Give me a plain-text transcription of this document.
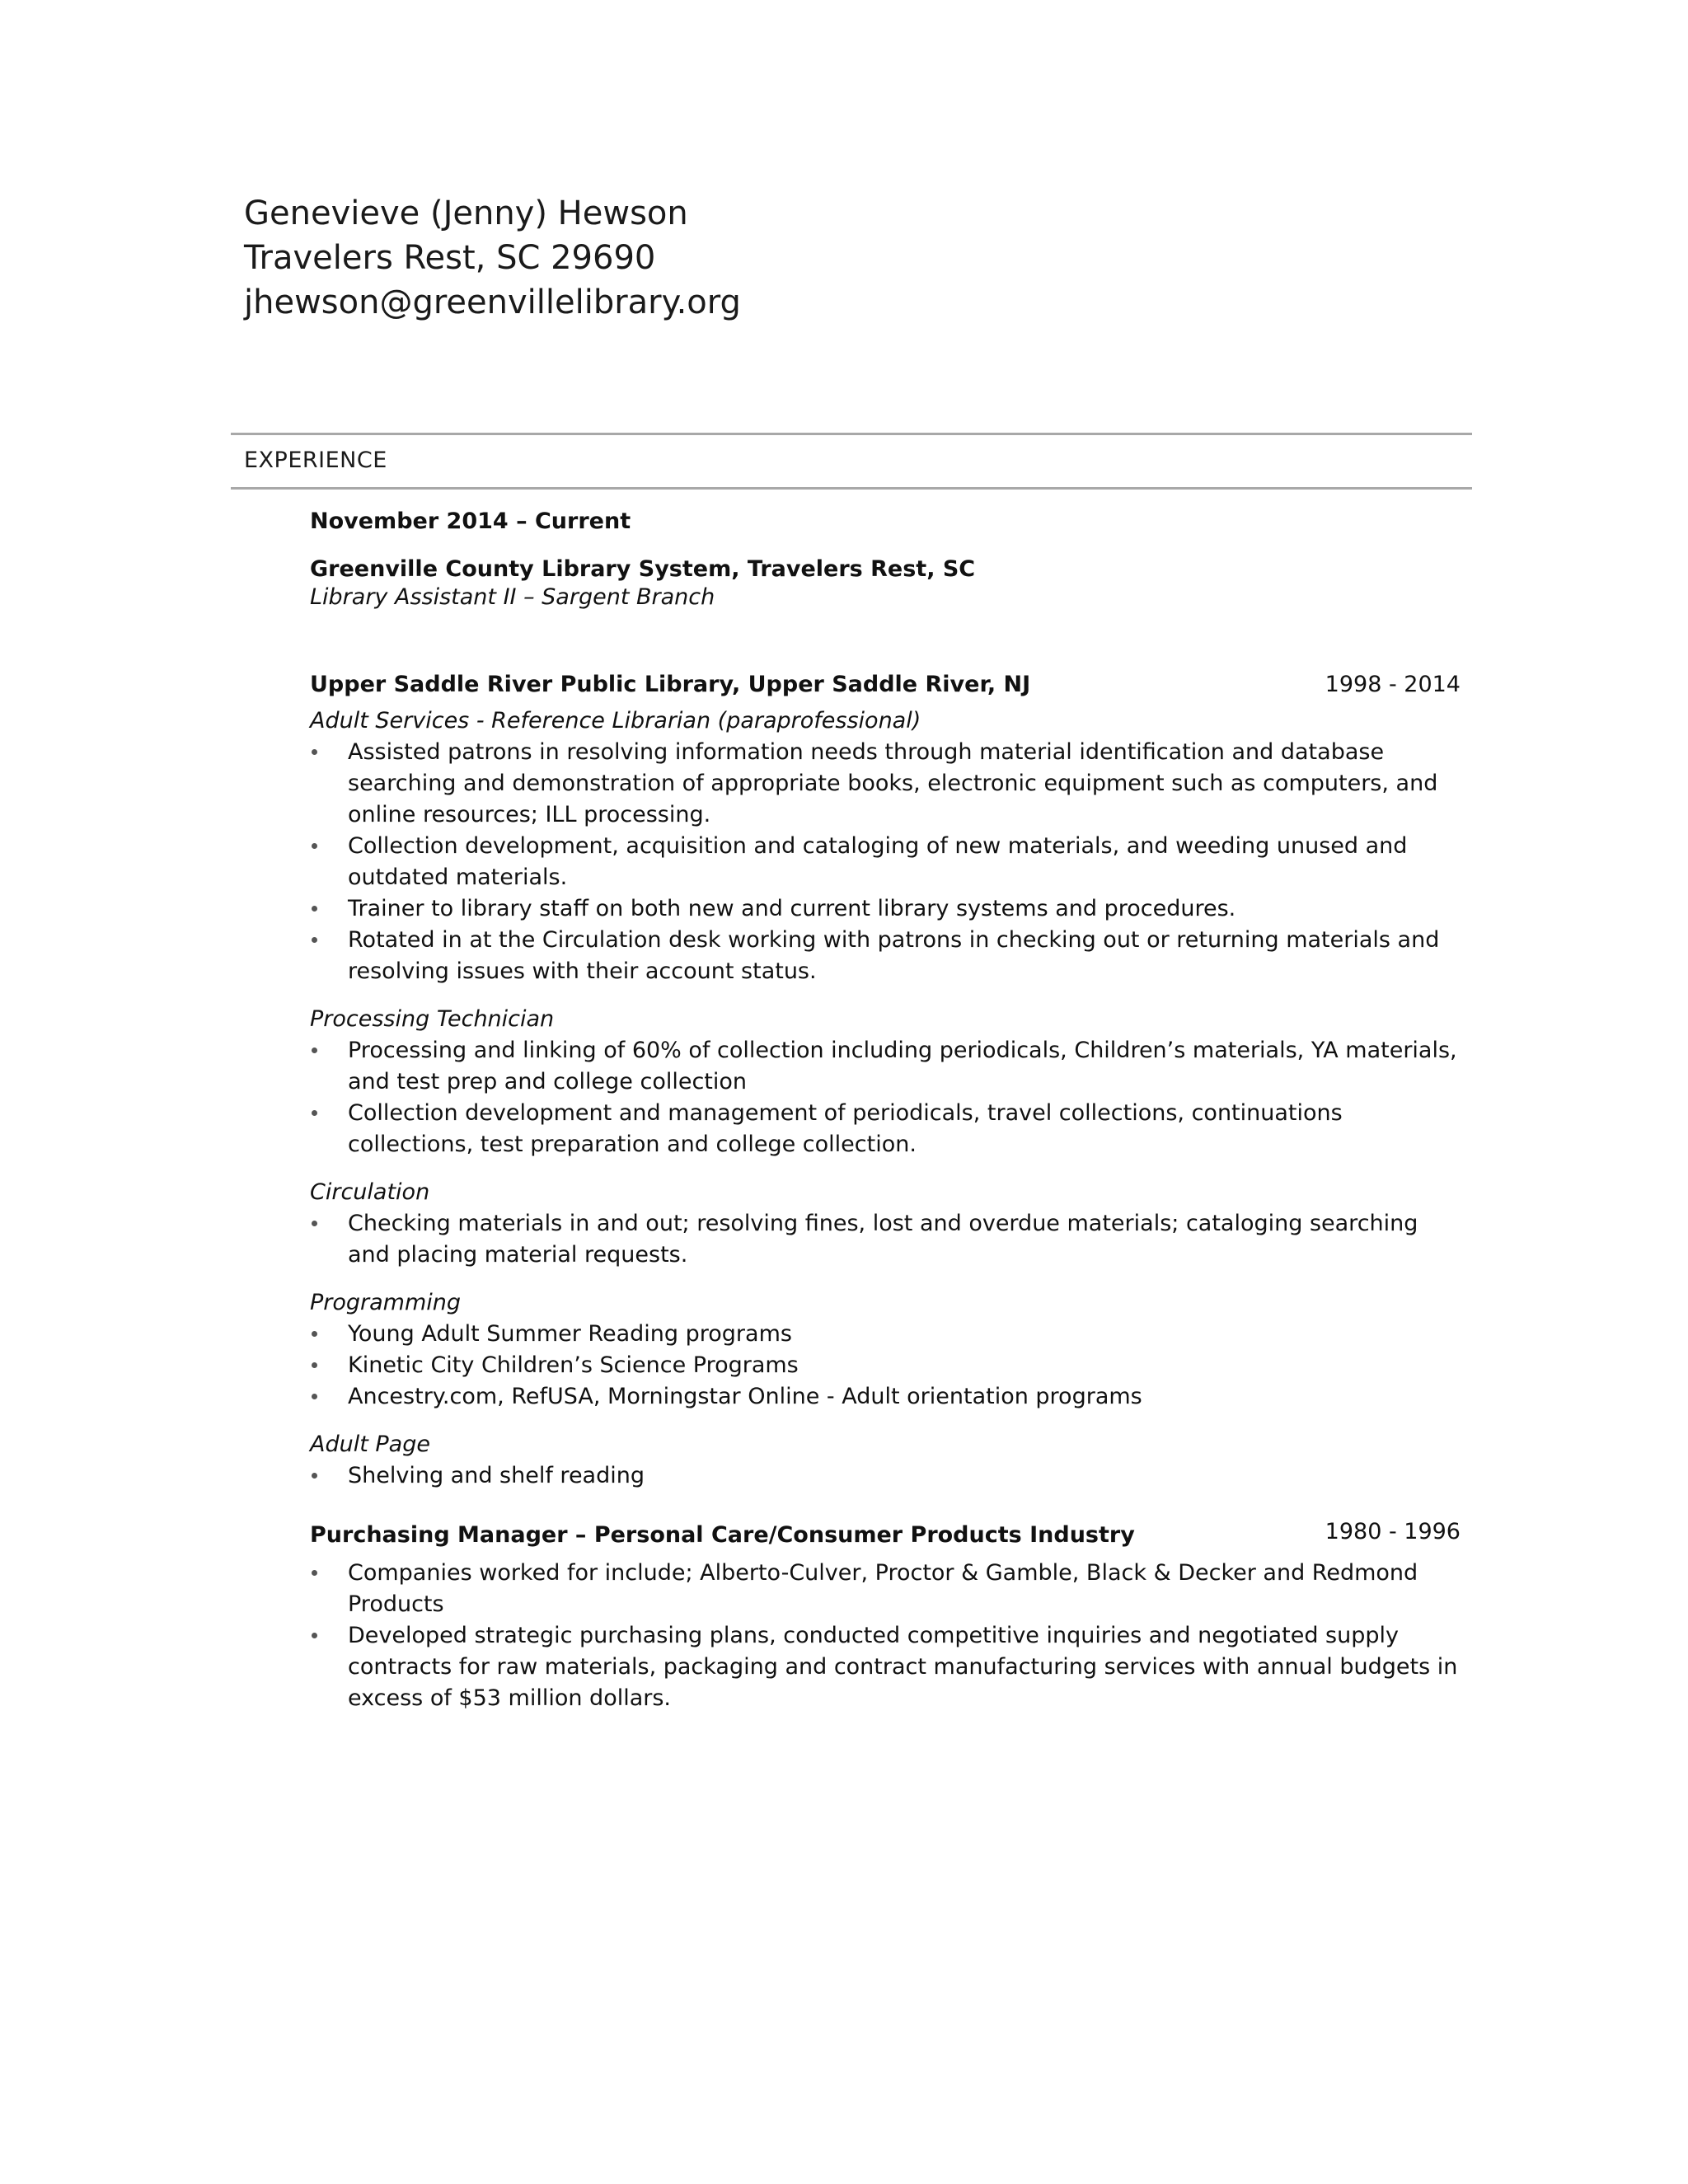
Genevieve (Jenny) Hewson
Travelers Rest, SC 29690
jhewson@greenvillelibrary.org
EXPERIENCE
November 2014 – Current
Greenville County Library System, Travelers Rest, SC
Library Assistant II – Sargent Branch
Upper Saddle River Public Library, Upper Saddle River, NJ	1998 - 2014
Adult Services - Reference Librarian (paraprofessional)
Assisted patrons in resolving information needs through material identification and database searching and demonstration of appropriate books, electronic equipment such as computers, and online resources; ILL processing.
Collection development, acquisition and cataloging of new materials, and weeding unused and outdated materials.
Trainer to library staff on both new and current library systems and procedures.
Rotated in at the Circulation desk working with patrons in checking out or returning materials and resolving issues with their account status.
Processing Technician
Processing and linking of 60% of collection including periodicals, Children’s materials, YA materials, and test prep and college collection
Collection development and management of periodicals, travel collections, continuations collections, test preparation and college collection.
Circulation
Checking materials in and out; resolving fines, lost and overdue materials; cataloging searching and placing material requests.
Programming
Young Adult Summer Reading programs
Kinetic City Children’s Science Programs
Ancestry.com, RefUSA, Morningstar Online - Adult orientation programs
Adult Page
Shelving and shelf reading
Purchasing Manager – Personal Care/Consumer Products Industry	1980 - 1996
Companies worked for include; Alberto-Culver, Proctor & Gamble, Black & Decker and Redmond Products
Developed strategic purchasing plans, conducted competitive inquiries and negotiated supply contracts for raw materials, packaging and contract manufacturing services with annual budgets in excess of $53 million dollars.
